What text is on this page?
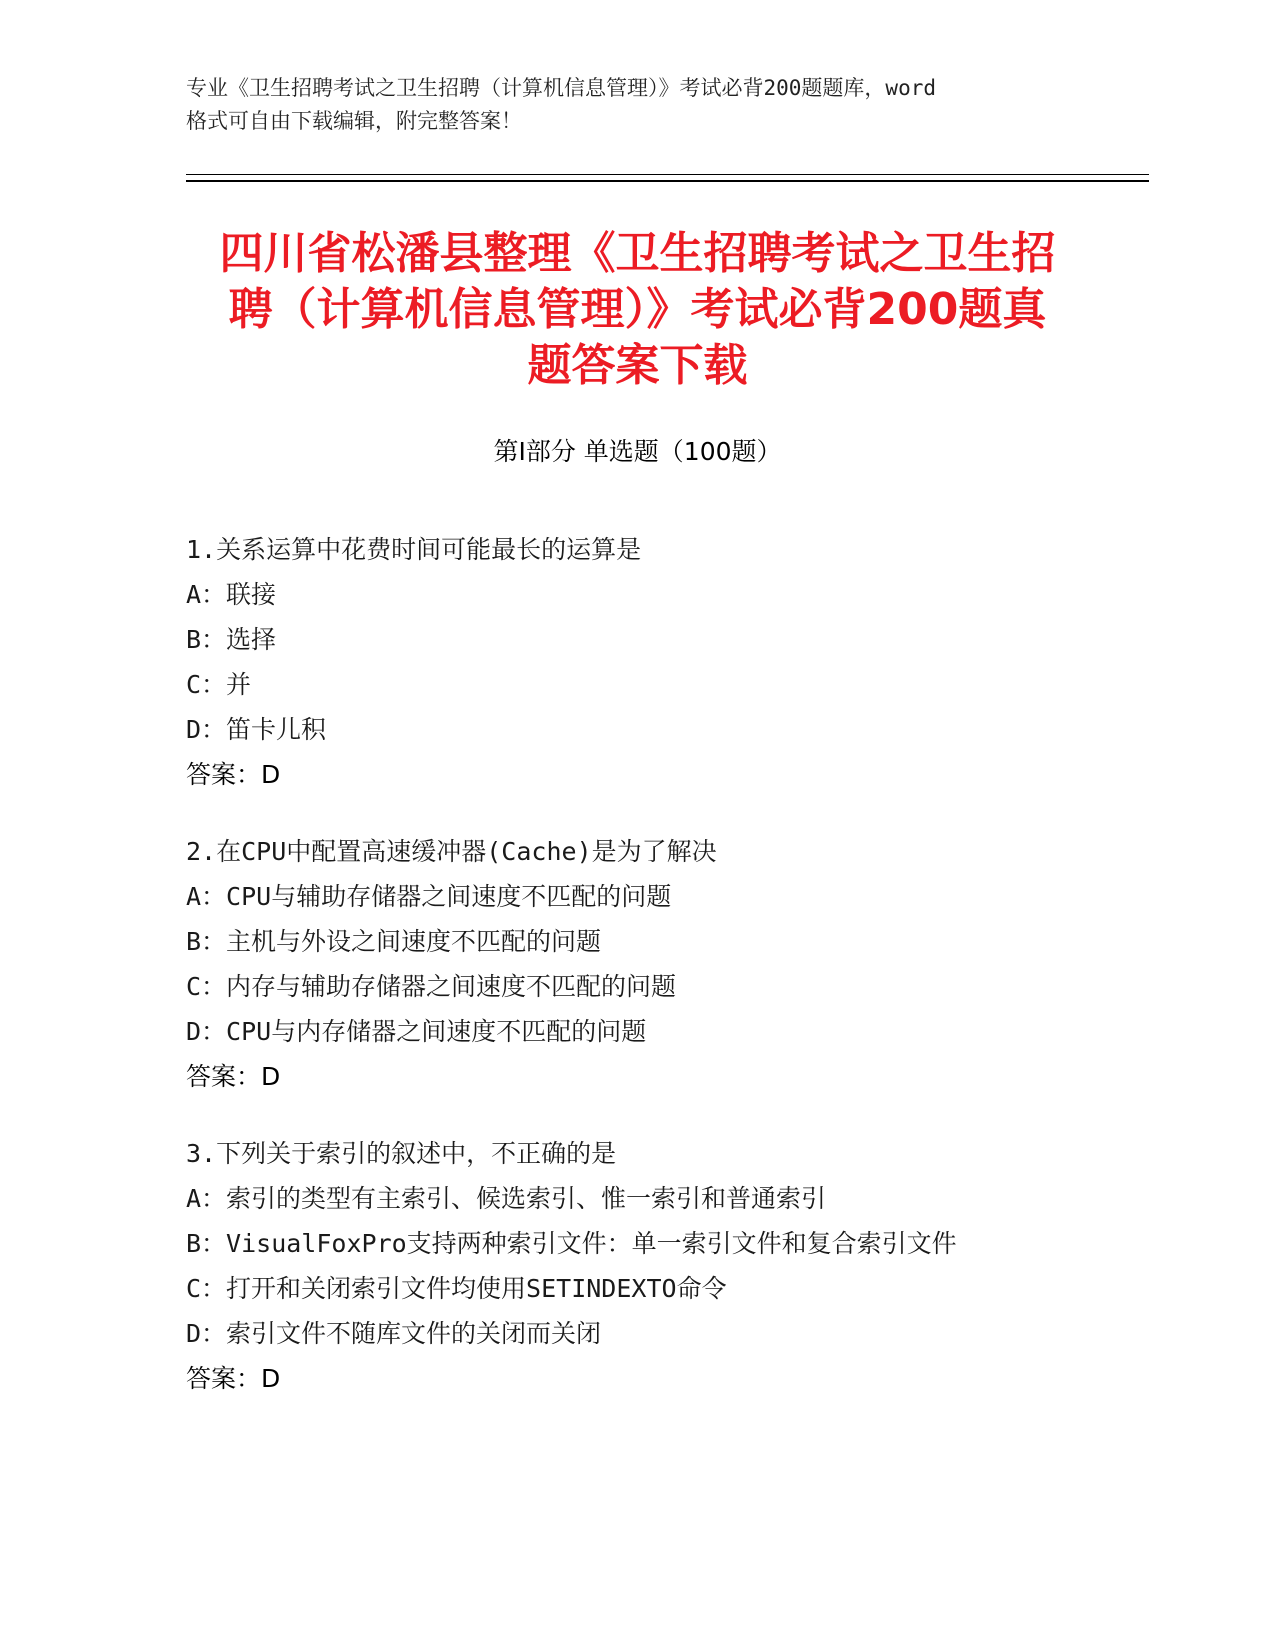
专业《卫生招聘考试之卫生招聘（计算机信息管理）》考试必背200题题库，word
格式可自由下载编辑，附完整答案！
四川省松潘县整理《卫生招聘考试之卫生招
聘（计算机信息管理）》考试必背200题真
题答案下载
第Ⅰ部分 单选题（100题）
1.关系运算中花费时间可能最长的运算是
A：联接
B：选择
C：并
D：笛卡儿积
答案：D
2.在CPU中配置高速缓冲器(Cache)是为了解决
A：CPU与辅助存储器之间速度不匹配的问题
B：主机与外设之间速度不匹配的问题
C：内存与辅助存储器之间速度不匹配的问题
D：CPU与内存储器之间速度不匹配的问题
答案：D
3.下列关于索引的叙述中，不正确的是
A：索引的类型有主索引、候选索引、惟一索引和普通索引
B：VisualFoxPro支持两种索引文件：单一索引文件和复合索引文件
C：打开和关闭索引文件均使用SETINDEXTO命令
D：索引文件不随库文件的关闭而关闭
答案：D
